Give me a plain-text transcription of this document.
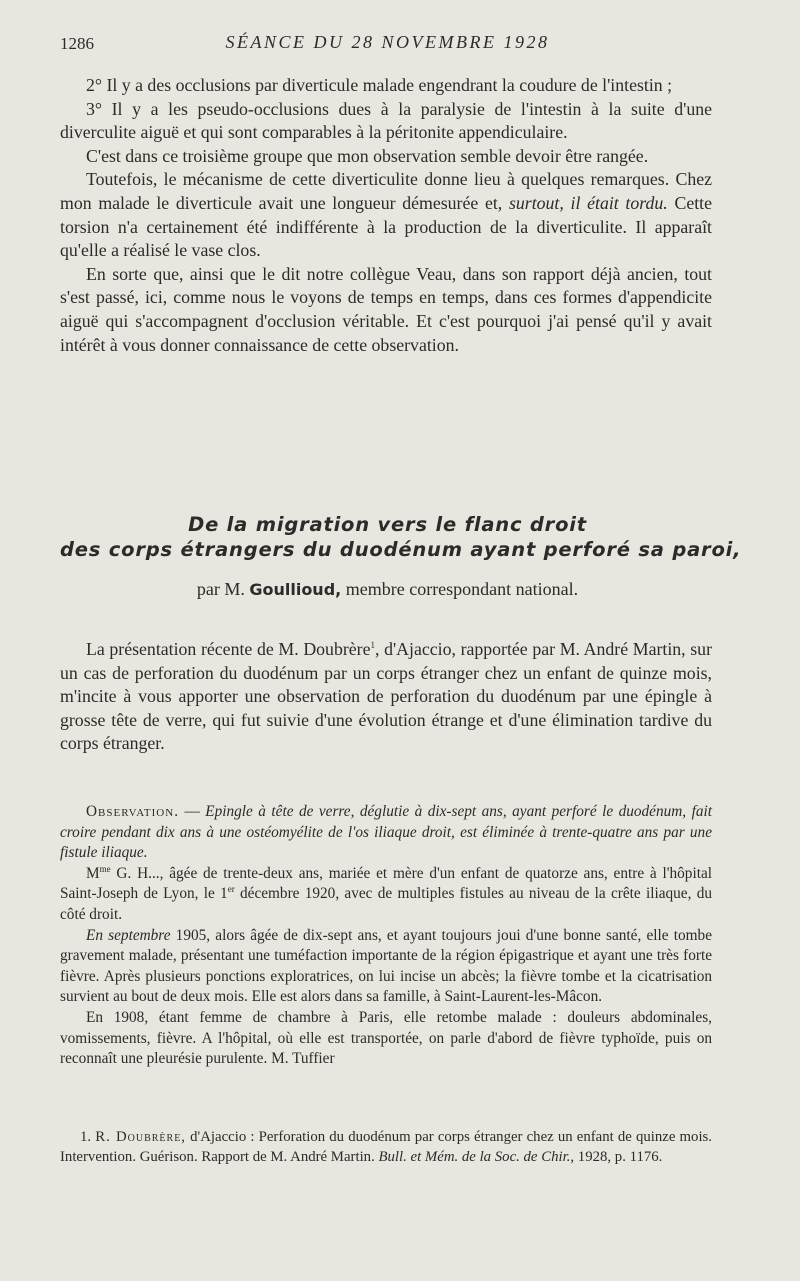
1286	SÉANCE DU 28 NOVEMBRE 1928

2° Il y a des occlusions par diverticule malade engendrant la coudure de l'intestin ;

3° Il y a les pseudo-occlusions dues à la paralysie de l'intestin à la suite d'une diverculite aiguë et qui sont comparables à la péritonite appendiculaire.

C'est dans ce troisième groupe que mon observation semble devoir être rangée.

Toutefois, le mécanisme de cette diverticulite donne lieu à quelques remarques. Chez mon malade le diverticule avait une longueur démesurée et, surtout, il était tordu. Cette torsion n'a certainement été indifférente à la production de la diverticulite. Il apparaît qu'elle a réalisé le vase clos.

En sorte que, ainsi que le dit notre collègue Veau, dans son rapport déjà ancien, tout s'est passé, ici, comme nous le voyons de temps en temps, dans ces formes d'appendicite aiguë qui s'accompagnent d'occlusion véritable. Et c'est pourquoi j'ai pensé qu'il y avait intérêt à vous donner connaissance de cette observation.

De la migration vers le flanc droit
des corps étrangers du duodénum ayant perforé sa paroi,
par M. Goullioud, membre correspondant national.

La présentation récente de M. Doubrère$^1$, d'Ajaccio, rapportée par M. André Martin, sur un cas de perforation du duodénum par un corps étranger chez un enfant de quinze mois, m'incite à vous apporter une observation de perforation du duodénum par une épingle à grosse tête de verre, qui fut suivie d'une évolution étrange et d'une élimination tardive du corps étranger.

Observation. — Epingle à tête de verre, déglutie à dix-sept ans, ayant perforé le duodénum, fait croire pendant dix ans à une ostéomyélite de l'os iliaque droit, est éliminée à trente-quatre ans par une fistule iliaque.

$M^{me}$ G. H..., âgée de trente-deux ans, mariée et mère d'un enfant de quatorze ans, entre à l'hôpital Saint-Joseph de Lyon, le 1er décembre 1920, avec de multiples fistules au niveau de la crête iliaque, du côté droit.

En septembre 1905, alors âgée de dix-sept ans, et ayant toujours joui d'une bonne santé, elle tombe gravement malade, présentant une tuméfaction importante de la région épigastrique et ayant une très forte fièvre. Après plusieurs ponctions exploratrices, on lui incise un abcès; la fièvre tombe et la cicatrisation survient au bout de deux mois. Elle est alors dans sa famille, à Saint-Laurent-les-Mâcon.

En 1908, étant femme de chambre à Paris, elle retombe malade : douleurs abdominales, vomissements, fièvre. A l'hôpital, où elle est transportée, on parle d'abord de fièvre typhoïde, puis on reconnaît une pleurésie purulente. M. Tuffier

1. R. Doubrère, d'Ajaccio : Perforation du duodénum par corps étranger chez un enfant de quinze mois. Intervention. Guérison. Rapport de M. André Martin. Bull. et Mém. de la Soc. de Chir., 1928, p. 1176.
